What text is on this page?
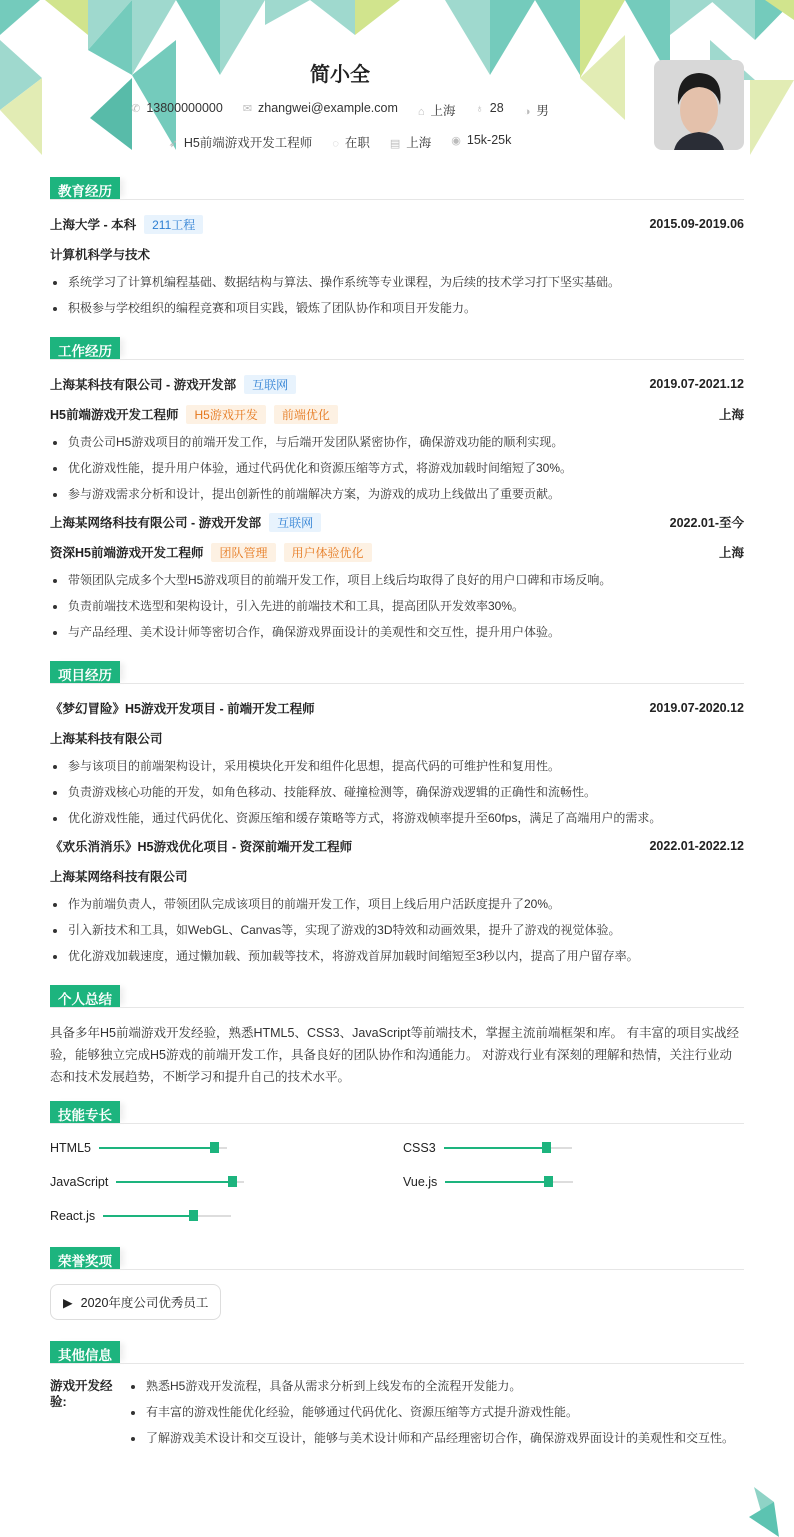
简小全
✆ 13800000000 ✉ zhangwei@example.com ⌂ 上海 ♁ 28 ◑ 男
➶ H5前端游戏开发工程师 ◌ 在职 ▤ 上海 ◉ 15k-25k
教育经历
上海大学 - 本科	211工程	2015.09-2019.06
计算机科学与技术
系统学习了计算机编程基础、数据结构与算法、操作系统等专业课程，为后续的技术学习打下坚实基础。
积极参与学校组织的编程竞赛和项目实践，锻炼了团队协作和项目开发能力。
工作经历
上海某科技有限公司 - 游戏开发部	互联网	2019.07-2021.12
H5前端游戏开发工程师	H5游戏开发	前端优化	上海
负责公司H5游戏项目的前端开发工作，与后端开发团队紧密协作，确保游戏功能的顺利实现。
优化游戏性能，提升用户体验，通过代码优化和资源压缩等方式，将游戏加载时间缩短了30%。
参与游戏需求分析和设计，提出创新性的前端解决方案，为游戏的成功上线做出了重要贡献。
上海某网络科技有限公司 - 游戏开发部	互联网	2022.01-至今
资深H5前端游戏开发工程师	团队管理	用户体验优化	上海
带领团队完成多个大型H5游戏项目的前端开发工作，项目上线后均取得了良好的用户口碑和市场反响。
负责前端技术选型和架构设计，引入先进的前端技术和工具，提高团队开发效率30%。
与产品经理、美术设计师等密切合作，确保游戏界面设计的美观性和交互性，提升用户体验。
项目经历
《梦幻冒险》H5游戏开发项目 - 前端开发工程师	2019.07-2020.12
上海某科技有限公司
参与该项目的前端架构设计，采用模块化开发和组件化思想，提高代码的可维护性和复用性。
负责游戏核心功能的开发，如角色移动、技能释放、碰撞检测等，确保游戏逻辑的正确性和流畅性。
优化游戏性能，通过代码优化、资源压缩和缓存策略等方式，将游戏帧率提升至60fps，满足了高端用户的需求。
《欢乐消消乐》H5游戏优化项目 - 资深前端开发工程师	2022.01-2022.12
上海某网络科技有限公司
作为前端负责人，带领团队完成该项目的前端开发工作，项目上线后用户活跃度提升了20%。
引入新技术和工具，如WebGL、Canvas等，实现了游戏的3D特效和动画效果，提升了游戏的视觉体验。
优化游戏加载速度，通过懒加载、预加载等技术，将游戏首屏加载时间缩短至3秒以内，提高了用户留存率。
个人总结
具备多年H5前端游戏开发经验，熟悉HTML5、CSS3、JavaScript等前端技术，掌握主流前端框架和库。 有丰富的项目实战经验，能够独立完成H5游戏的前端开发工作，具备良好的团队协作和沟通能力。 对游戏行业有深刻的理解和热情，关注行业动态和技术发展趋势，不断学习和提升自己的技术水平。
技能专长
HTML5	CSS3
JavaScript	Vue.js
React.js
荣誉奖项
▶ 2020年度公司优秀员工
其他信息
游戏开发经验:
熟悉H5游戏开发流程，具备从需求分析到上线发布的全流程开发能力。
有丰富的游戏性能优化经验，能够通过代码优化、资源压缩等方式提升游戏性能。
了解游戏美术设计和交互设计，能够与美术设计师和产品经理密切合作，确保游戏界面设计的美观性和交互性。
